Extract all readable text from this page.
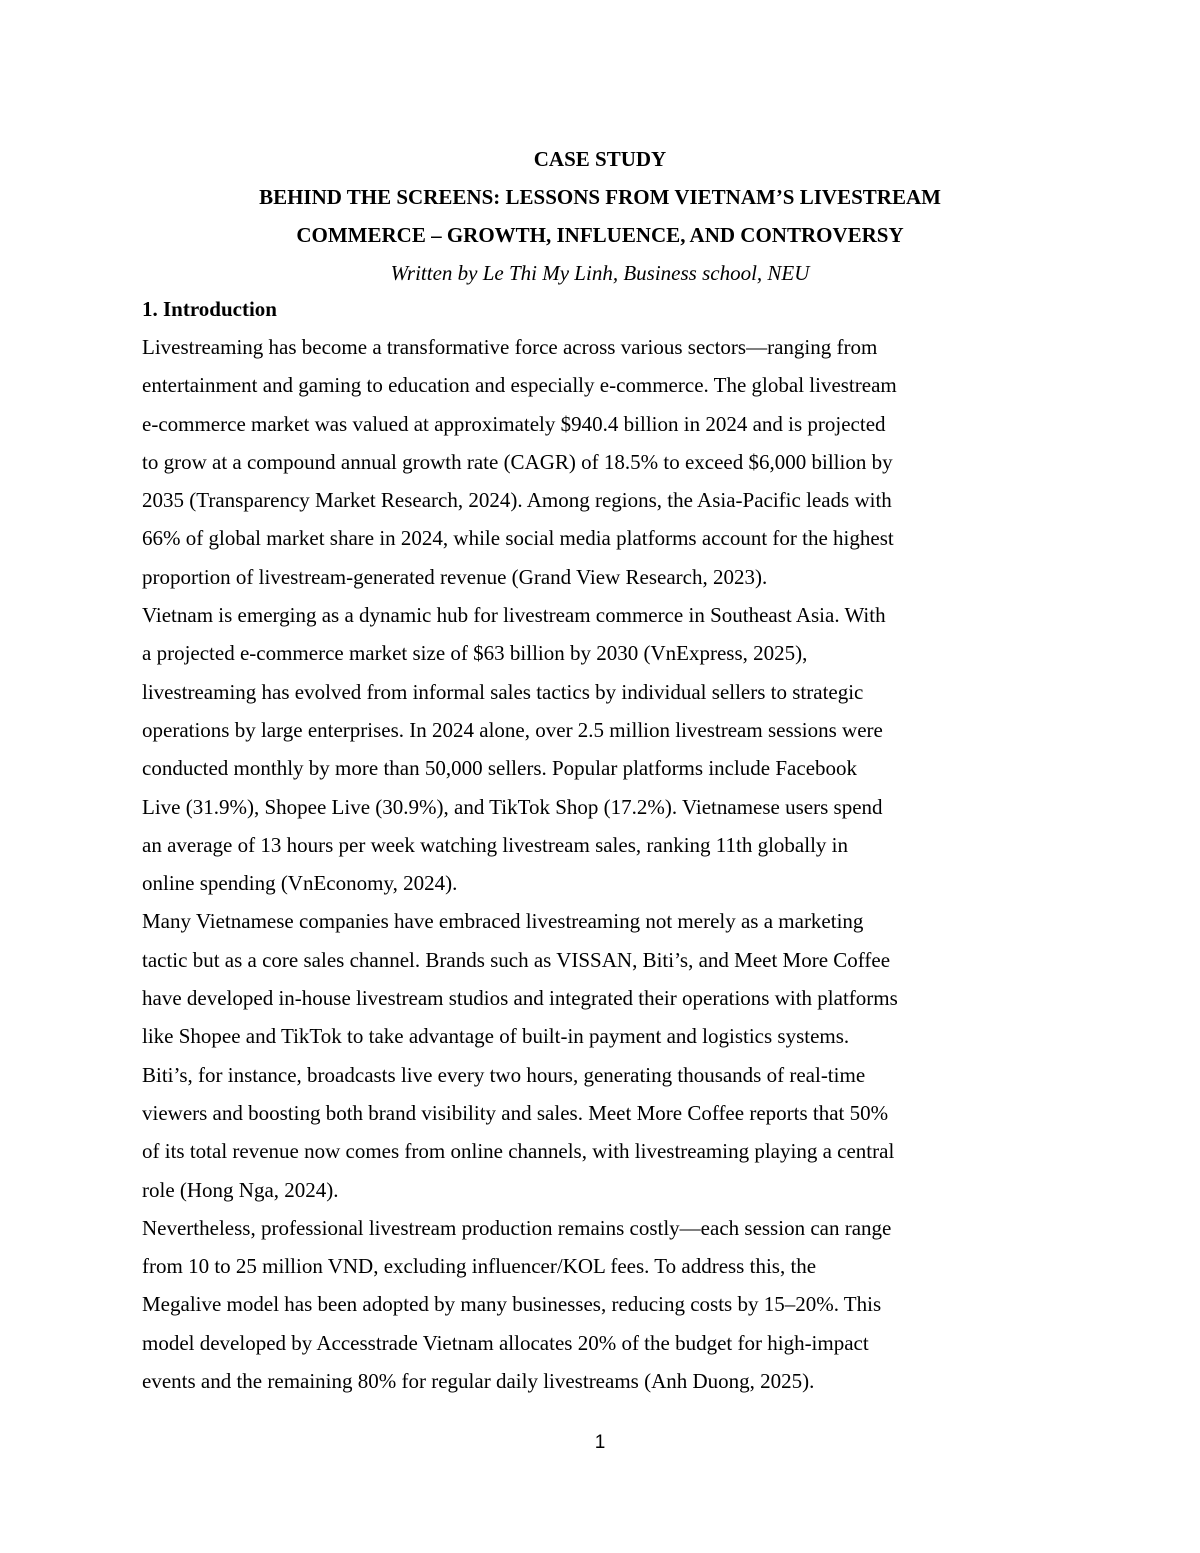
CASE STUDY

BEHIND THE SCREENS: LESSONS FROM VIETNAM’S LIVESTREAM

COMMERCE – GROWTH, INFLUENCE, AND CONTROVERSY

Written by Le Thi My Linh, Business school, NEU

1. Introduction

Livestreaming has become a transformative force across various sectors—ranging from
entertainment and gaming to education and especially e-commerce. The global livestream
e-commerce market was valued at approximately $940.4 billion in 2024 and is projected
to grow at a compound annual growth rate (CAGR) of 18.5% to exceed $6,000 billion by
2035 (Transparency Market Research, 2024). Among regions, the Asia-Pacific leads with
66% of global market share in 2024, while social media platforms account for the highest
proportion of livestream-generated revenue (Grand View Research, 2023).

Vietnam is emerging as a dynamic hub for livestream commerce in Southeast Asia. With
a projected e-commerce market size of $63 billion by 2030 (VnExpress, 2025),
livestreaming has evolved from informal sales tactics by individual sellers to strategic
operations by large enterprises. In 2024 alone, over 2.5 million livestream sessions were
conducted monthly by more than 50,000 sellers. Popular platforms include Facebook
Live (31.9%), Shopee Live (30.9%), and TikTok Shop (17.2%). Vietnamese users spend
an average of 13 hours per week watching livestream sales, ranking 11th globally in
online spending (VnEconomy, 2024).

Many Vietnamese companies have embraced livestreaming not merely as a marketing
tactic but as a core sales channel. Brands such as VISSAN, Biti’s, and Meet More Coffee
have developed in-house livestream studios and integrated their operations with platforms
like Shopee and TikTok to take advantage of built-in payment and logistics systems.
Biti’s, for instance, broadcasts live every two hours, generating thousands of real-time
viewers and boosting both brand visibility and sales. Meet More Coffee reports that 50%
of its total revenue now comes from online channels, with livestreaming playing a central
role (Hong Nga, 2024).

Nevertheless, professional livestream production remains costly—each session can range
from 10 to 25 million VND, excluding influencer/KOL fees. To address this, the
Megalive model has been adopted by many businesses, reducing costs by 15–20%. This
model developed by Accesstrade Vietnam allocates 20% of the budget for high-impact
events and the remaining 80% for regular daily livestreams (Anh Duong, 2025).

1
